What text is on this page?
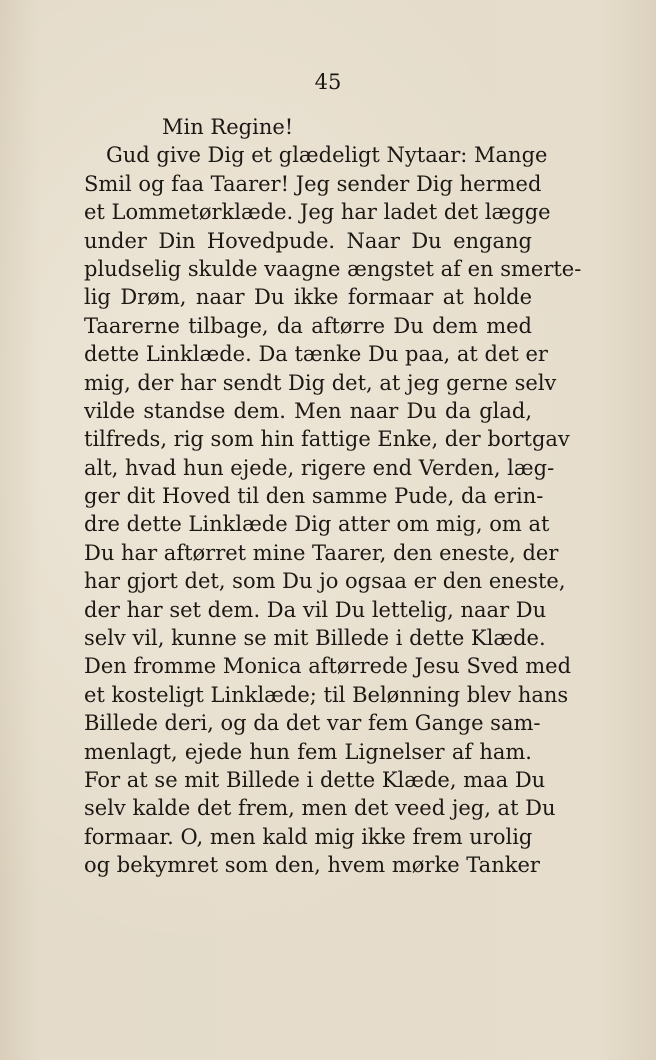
45
Min Regine!
Gud give Dig et glædeligt Nytaar: Mange
Smil og faa Taarer! Jeg sender Dig hermed
et Lommetørklæde. Jeg har ladet det lægge
under Din Hovedpude. Naar Du engang
pludselig skulde vaagne ængstet af en smerte-
lig Drøm, naar Du ikke formaar at holde
Taarerne tilbage, da aftørre Du dem med
dette Linklæde. Da tænke Du paa, at det er
mig, der har sendt Dig det, at jeg gerne selv
vilde standse dem. Men naar Du da glad,
tilfreds, rig som hin fattige Enke, der bortgav
alt, hvad hun ejede, rigere end Verden, læg-
ger dit Hoved til den samme Pude, da erin-
dre dette Linklæde Dig atter om mig, om at
Du har aftørret mine Taarer, den eneste, der
har gjort det, som Du jo ogsaa er den eneste,
der har set dem. Da vil Du lettelig, naar Du
selv vil, kunne se mit Billede i dette Klæde.
Den fromme Monica aftørrede Jesu Sved med
et kosteligt Linklæde; til Belønning blev hans
Billede deri, og da det var fem Gange sam-
menlagt, ejede hun fem Lignelser af ham.
For at se mit Billede i dette Klæde, maa Du
selv kalde det frem, men det veed jeg, at Du
formaar. O, men kald mig ikke frem urolig
og bekymret som den, hvem mørke Tanker
